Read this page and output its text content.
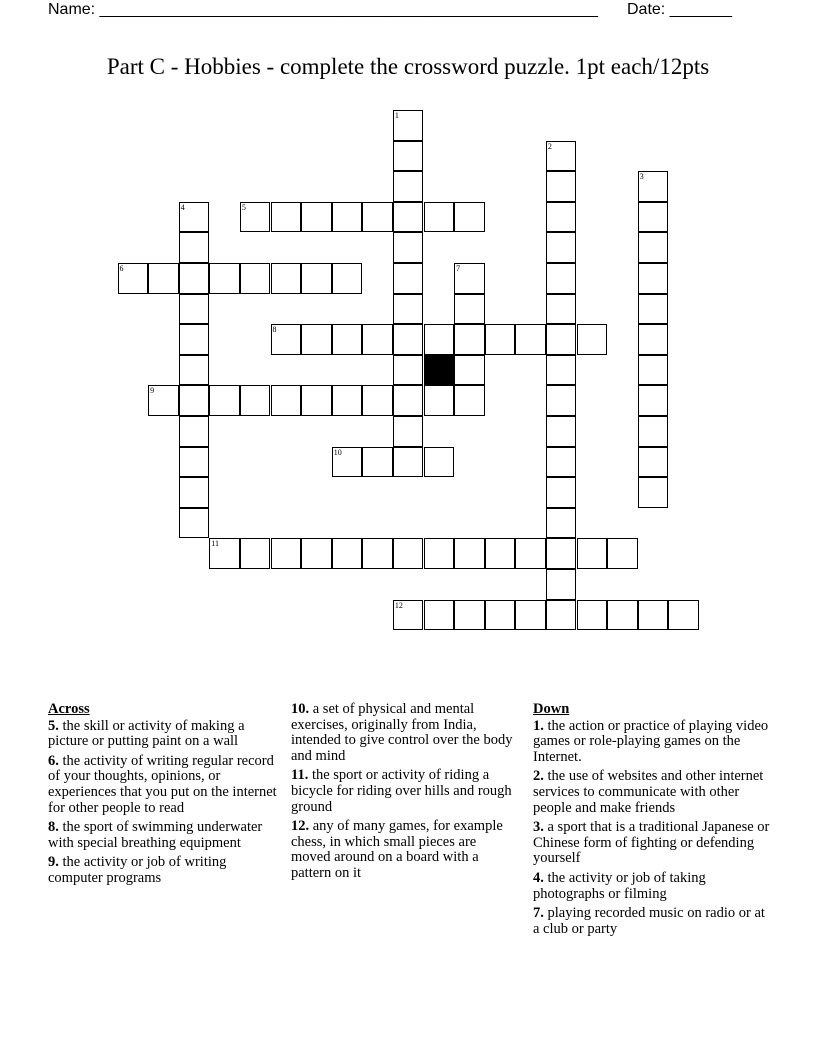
Name: ________________________________________________________ Date: _______
Part C - Hobbies - complete the crossword puzzle. 1pt each/12pts
1
2
3
4	5
6	7
8
9
10
11
12
Across
5. the skill or activity of making a picture or putting paint on a wall
6. the activity of writing regular record of your thoughts, opinions, or experiences that you put on the internet for other people to read
8. the sport of swimming underwater with special breathing equipment
9. the activity or job of writing computer programs
10. a set of physical and mental exercises, originally from India, intended to give control over the body and mind
11. the sport or activity of riding a bicycle for riding over hills and rough ground
12. any of many games, for example chess, in which small pieces are moved around on a board with a pattern on it
Down
1. the action or practice of playing video games or role-playing games on the Internet.
2. the use of websites and other internet services to communicate with other people and make friends
3. a sport that is a traditional Japanese or Chinese form of fighting or defending yourself
4. the activity or job of taking photographs or filming
7. playing recorded music on radio or at a club or party
